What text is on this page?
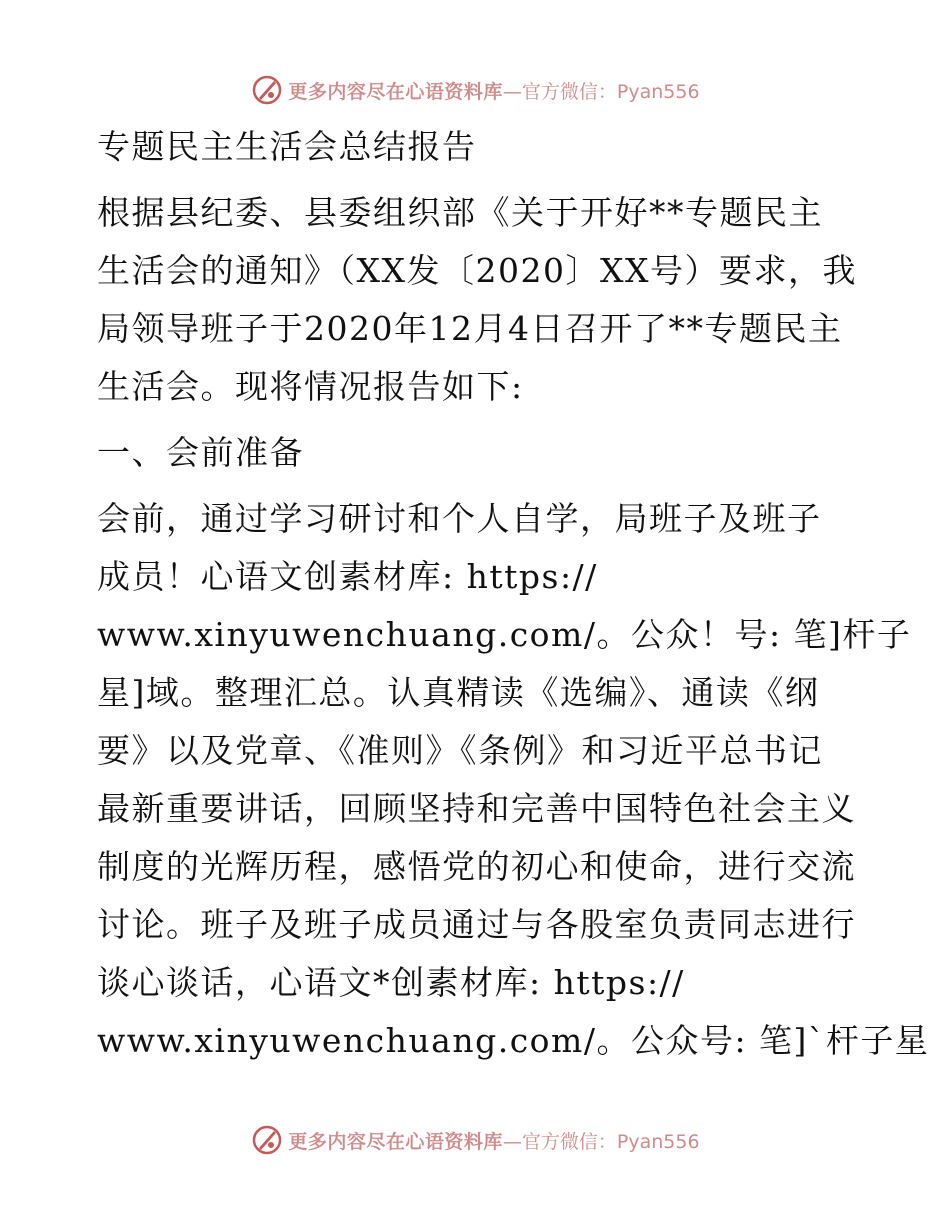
更多内容尽在心语资料库 —官方微信：Pyan556
专题民主生活会总结报告
根据县纪委、县委组织部《关于开好**专题民主
生活会的通知》（XX发〔2020〕XX号）要求，我
局领导班子于2020年12月4日召开了**专题民主
生活会。现将情况报告如下:
一、会前准备
会前，通过学习研讨和个人自学，局班子及班子
成员！心语文创素材库: https://
www.xinyuwenchuang.com/。公众！号: 笔]杆子
星]域。整理汇总。认真精读《选编》、通读《纲
要》以及党章、《准则》《条例》和习近平总书记
最新重要讲话，回顾坚持和完善中国特色社会主义
制度的光辉历程，感悟党的初心和使命，进行交流
讨论。班子及班子成员通过与各股室负责同志进行
谈心谈话，心语文*创素材库: https://
www.xinyuwenchuang.com/。公众号: 笔]`杆子星
更多内容尽在心语资料库 —官方微信：Pyan556
